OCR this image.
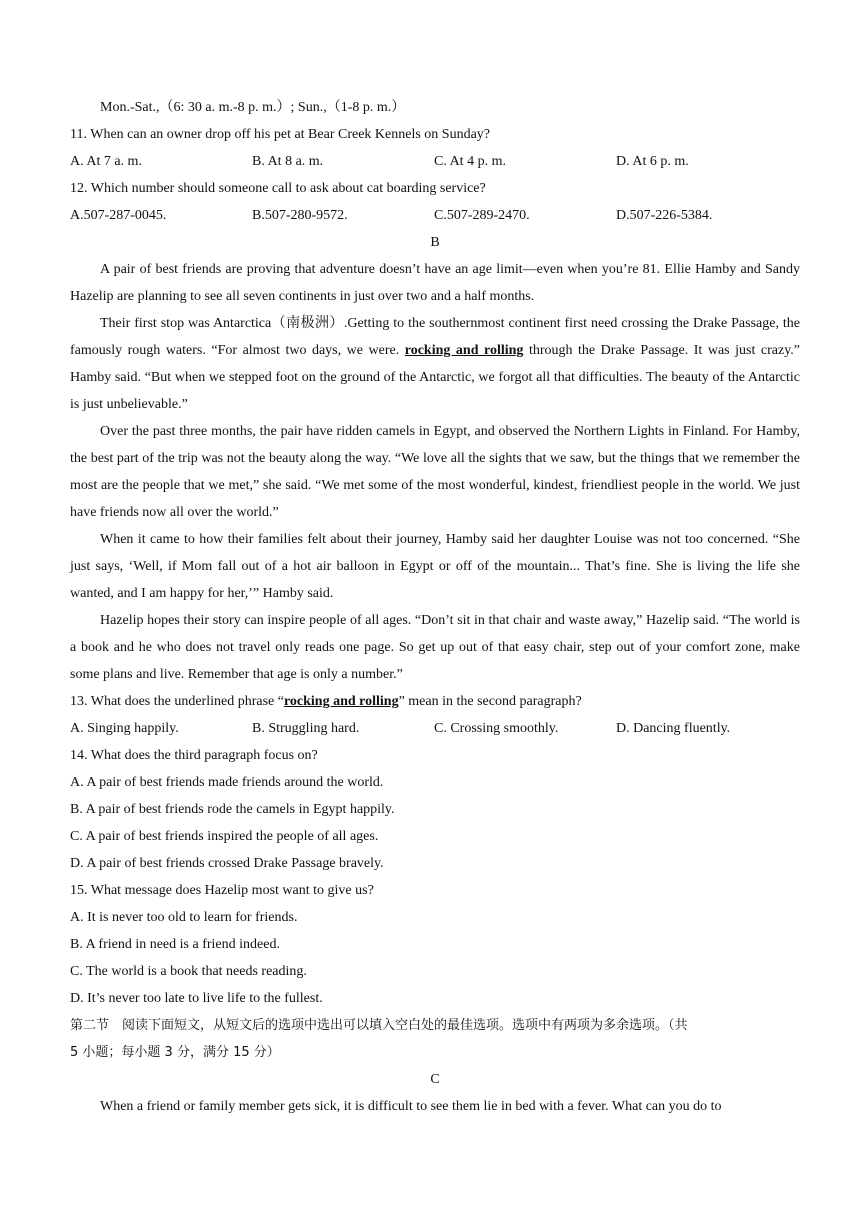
Mon.-Sat.,（6: 30 a. m.-8 p. m.）; Sun.,（1-8 p. m.）

11. When can an owner drop off his pet at Bear Creek Kennels on Sunday?

A. At 7 a. m.	B. At 8 a. m.	C. At 4 p. m.	D. At 6 p. m.

12. Which number should someone call to ask about cat boarding service?

A.507-287-0045.	B.507-280-9572.	C.507-289-2470.	D.507-226-5384.

B

A pair of best friends are proving that adventure doesn’t have an age limit—even when you’re 81. Ellie Hamby and Sandy Hazelip are planning to see all seven continents in just over two and a half months.

Their first stop was Antarctica（南极洲）.Getting to the southernmost continent first need crossing the Drake Passage, the famously rough waters. “For almost two days, we were. rocking and rolling through the Drake Passage. It was just crazy.” Hamby said. “But when we stepped foot on the ground of the Antarctic, we forgot all that difficulties. The beauty of the Antarctic is just unbelievable.”

Over the past three months, the pair have ridden camels in Egypt, and observed the Northern Lights in Finland. For Hamby, the best part of the trip was not the beauty along the way. “We love all the sights that we saw, but the things that we remember the most are the people that we met,” she said. “We met some of the most wonderful, kindest, friendliest people in the world. We just have friends now all over the world.”

When it came to how their families felt about their journey, Hamby said her daughter Louise was not too concerned. “She just says, ‘Well, if Mom fall out of a hot air balloon in Egypt or off of the mountain... That’s fine. She is living the life she wanted, and I am happy for her,’” Hamby said.

Hazelip hopes their story can inspire people of all ages. “Don’t sit in that chair and waste away,” Hazelip said. “The world is a book and he who does not travel only reads one page. So get up out of that easy chair, step out of your comfort zone, make some plans and live. Remember that age is only a number.”

13. What does the underlined phrase “rocking and rolling” mean in the second paragraph?

A. Singing happily.	B. Struggling hard.	C. Crossing smoothly.	D. Dancing fluently.

14. What does the third paragraph focus on?

A. A pair of best friends made friends around the world.

B. A pair of best friends rode the camels in Egypt happily.

C. A pair of best friends inspired the people of all ages.

D. A pair of best friends crossed Drake Passage bravely.

15. What message does Hazelip most want to give us?

A. It is never too old to learn for friends.

B. A friend in need is a friend indeed.

C. The world is a book that needs reading.

D. It’s never too late to live life to the fullest.

第二节　阅读下面短文，从短文后的选项中选出可以填入空白处的最佳选项。选项中有两项为多余选项。（共

5 小题；每小题 3 分，满分 15 分）

C

When a friend or family member gets sick, it is difficult to see them lie in bed with a fever. What can you do to
